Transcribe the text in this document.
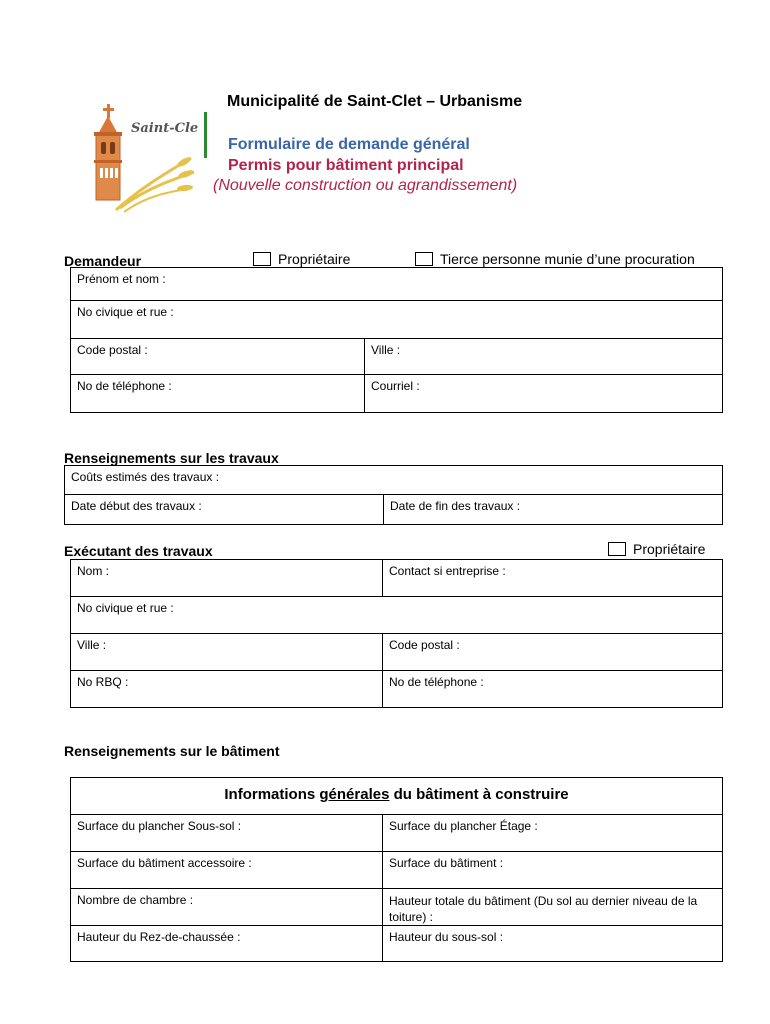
Saint-Clet
Municipalité de Saint-Clet – Urbanisme
Formulaire de demande général
Permis pour bâtiment principal
(Nouvelle construction ou agrandissement)
Demandeur	Propriétaire	Tierce personne munie d’une procuration
Prénom et nom :	
No civique et rue :	
Code postal :	Ville :
No de téléphone :	Courriel :
Renseignements sur les travaux
Coûts estimés des travaux :
Date début des travaux :	Date de fin des travaux :
Exécutant des travaux	Propriétaire
Nom :	Contact si entreprise :
No civique et rue :	
Ville :	Code postal :
No RBQ :	No de téléphone :
Renseignements sur le bâtiment
Informations générales du bâtiment à construire	
Surface du plancher Sous-sol :	Surface du plancher Étage :
Surface du bâtiment accessoire :	Surface du bâtiment :
Nombre de chambre :	Hauteur totale du bâtiment (Du sol au dernier niveau de la toiture) :
Hauteur du Rez-de-chaussée :	Hauteur du sous-sol :
